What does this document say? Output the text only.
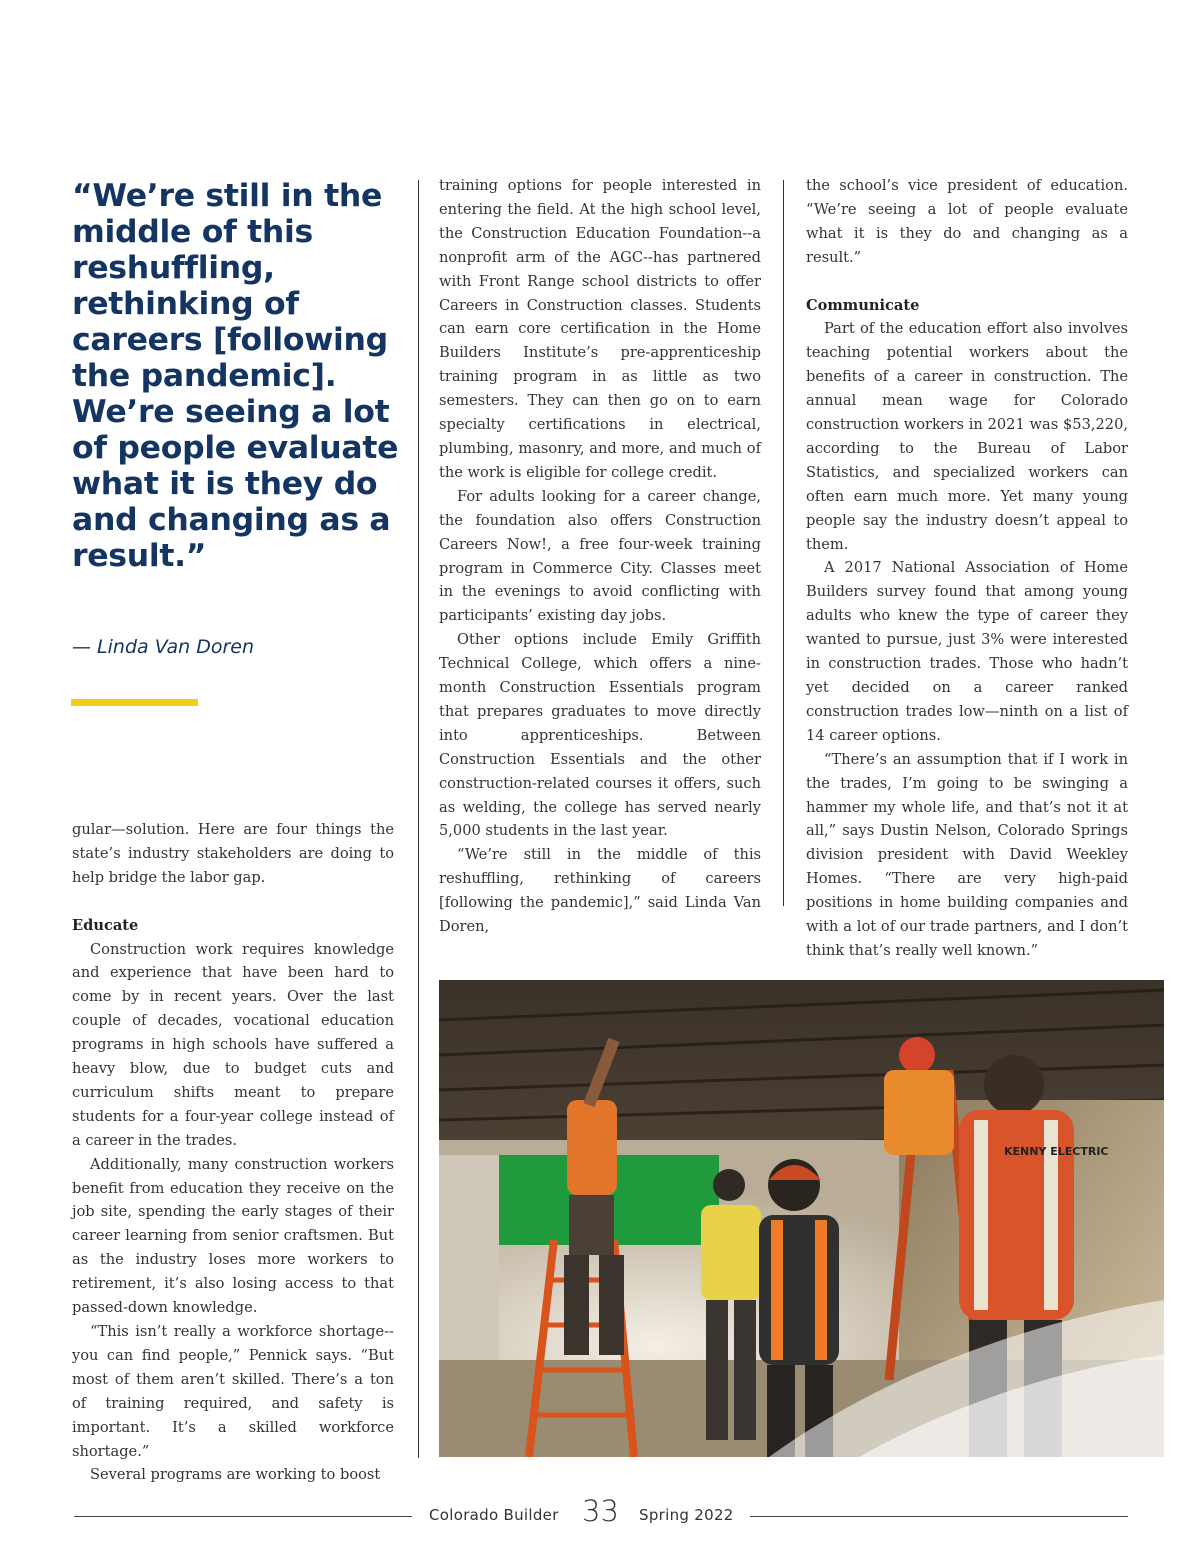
“We’re still in the middle of this reshuffling, rethinking of careers [following the pandemic]. We’re seeing a lot of people evaluate what it is they do and changing as a result.”
— Linda Van Doren

gular—solution. Here are four things the state’s industry stakeholders are doing to help bridge the labor gap.

Educate

Construction work requires knowledge and experience that have been hard to come by in recent years. Over the last couple of decades, vocational education programs in high schools have suffered a heavy blow, due to budget cuts and curriculum shifts meant to prepare students for a four-year college instead of a career in the trades.

Additionally, many construction workers benefit from education they receive on the job site, spending the early stages of their career learning from senior craftsmen. But as the industry loses more workers to retirement, it’s also losing access to that passed-down knowledge.

“This isn’t really a workforce shortage--you can find people,” Pennick says. “But most of them aren’t skilled. There’s a ton of training required, and safety is important. It’s a skilled workforce shortage.”

Several programs are working to boost

training options for people interested in entering the field. At the high school level, the Construction Education Foundation--a nonprofit arm of the AGC--has partnered with Front Range school districts to offer Careers in Construction classes. Students can earn core certification in the Home Builders Institute’s pre-apprenticeship training program in as little as two semesters. They can then go on to earn specialty certifications in electrical, plumbing, masonry, and more, and much of the work is eligible for college credit.

For adults looking for a career change, the foundation also offers Construction Careers Now!, a free four-week training program in Commerce City. Classes meet in the evenings to avoid conflicting with participants’ existing day jobs.

Other options include Emily Griffith Technical College, which offers a nine-month Construction Essentials program that prepares graduates to move directly into apprenticeships. Between Construction Essentials and the other construction-related courses it offers, such as welding, the college has served nearly 5,000 students in the last year.

“We’re still in the middle of this reshuffling, rethinking of careers [following the pandemic],” said Linda Van Doren,

the school’s vice president of education. “We’re seeing a lot of people evaluate what it is they do and changing as a result.”

Communicate

Part of the education effort also involves teaching potential workers about the benefits of a career in construction. The annual mean wage for Colorado construction workers in 2021 was $53,220, according to the Bureau of Labor Statistics, and specialized workers can often earn much more. Yet many young people say the industry doesn’t appeal to them.

A 2017 National Association of Home Builders survey found that among young adults who knew the type of career they wanted to pursue, just 3% were interested in construction trades. Those who hadn’t yet decided on a career ranked construction trades low—ninth on a list of 14 career options.

“There’s an assumption that if I work in the trades, I’m going to be swinging a hammer my whole life, and that’s not it at all,” says Dustin Nelson, Colorado Springs division president with David Weekley Homes. “There are very high-paid positions in home building companies and with a lot of our trade partners, and I don’t think that’s really well known.”

KENNY ELECTRIC
Colorado Builder 33 Spring 2022
